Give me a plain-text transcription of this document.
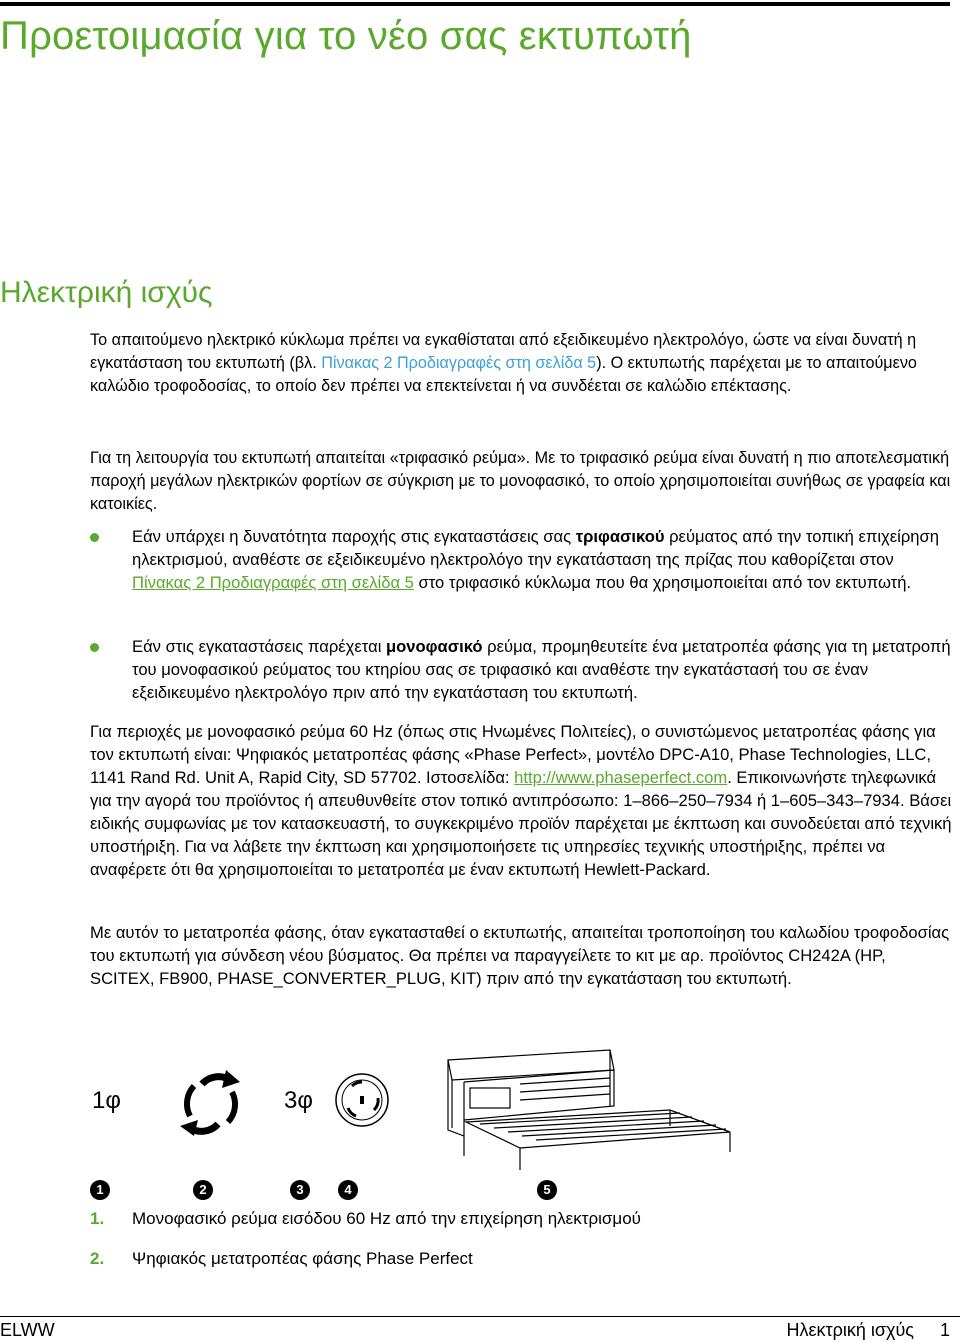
Προετοιμασία για το νέο σας εκτυπωτή
Ηλεκτρική ισχύς

Το απαιτούμενο ηλεκτρικό κύκλωμα πρέπει να εγκαθίσταται από εξειδικευμένο ηλεκτρολόγο, ώστε να είναι δυνατή η εγκατάσταση του εκτυπωτή (βλ. Πίνακας 2 Προδιαγραφές στη σελίδα 5). Ο εκτυπωτής παρέχεται με το απαιτούμενο καλώδιο τροφοδοσίας, το οποίο δεν πρέπει να επεκτείνεται ή να συνδέεται σε καλώδιο επέκτασης.

Για τη λειτουργία του εκτυπωτή απαιτείται «τριφασικό ρεύμα». Με το τριφασικό ρεύμα είναι δυνατή η πιο αποτελεσματική παροχή μεγάλων ηλεκτρικών φορτίων σε σύγκριση με το μονοφασικό, το οποίο χρησιμοποιείται συνήθως σε γραφεία και κατοικίες.

Εάν υπάρχει η δυνατότητα παροχής στις εγκαταστάσεις σας τριφασικού ρεύματος από την τοπική επιχείρηση ηλεκτρισμού, αναθέστε σε εξειδικευμένο ηλεκτρολόγο την εγκατάσταση της πρίζας που καθορίζεται στον Πίνακας 2 Προδιαγραφές στη σελίδα 5 στο τριφασικό κύκλωμα που θα χρησιμοποιείται από τον εκτυπωτή.
Εάν στις εγκαταστάσεις παρέχεται μονοφασικό ρεύμα, προμηθευτείτε ένα μετατροπέα φάσης για τη μετατροπή του μονοφασικού ρεύματος του κτηρίου σας σε τριφασικό και αναθέστε την εγκατάστασή του σε έναν εξειδικευμένο ηλεκτρολόγο πριν από την εγκατάσταση του εκτυπωτή.

Για περιοχές με μονοφασικό ρεύμα 60 Hz (όπως στις Ηνωμένες Πολιτείες), ο συνιστώμενος μετατροπέας φάσης για τον εκτυπωτή είναι: Ψηφιακός μετατροπέας φάσης «Phase Perfect», μοντέλο DPC-A10, Phase Technologies, LLC, 1141 Rand Rd. Unit A, Rapid City, SD 57702. Ιστοσελίδα: http://www.phaseperfect.com. Επικοινωνήστε τηλεφωνικά για την αγορά του προϊόντος ή απευθυνθείτε στον τοπικό αντιπρόσωπο: 1–866–250–7934 ή 1–605–343–7934. Βάσει ειδικής συμφωνίας με τον κατασκευαστή, το συγκεκριμένο προϊόν παρέχεται με έκπτωση και συνοδεύεται από τεχνική υποστήριξη. Για να λάβετε την έκπτωση και χρησιμοποιήσετε τις υπηρεσίες τεχνικής υποστήριξης, πρέπει να αναφέρετε ότι θα χρησιμοποιείται το μετατροπέα με έναν εκτυπωτή Hewlett-Packard.

Με αυτόν το μετατροπέα φάσης, όταν εγκατασταθεί ο εκτυπωτής, απαιτείται τροποποίηση του καλωδίου τροφοδοσίας του εκτυπωτή για σύνδεση νέου βύσματος. Θα πρέπει να παραγγείλετε το κιτ με αρ. προϊόντος CH242A (HP, SCITEX, FB900, PHASE_CONVERTER_PLUG, KIT) πριν από την εγκατάσταση του εκτυπωτή.

1φ	3φ
1	2	3	4	5
1. Μονοφασικό ρεύμα εισόδου 60 Hz από την επιχείρηση ηλεκτρισμού
2. Ψηφιακός μετατροπέας φάσης Phase Perfect
ELWW	Ηλεκτρική ισχύς 1
